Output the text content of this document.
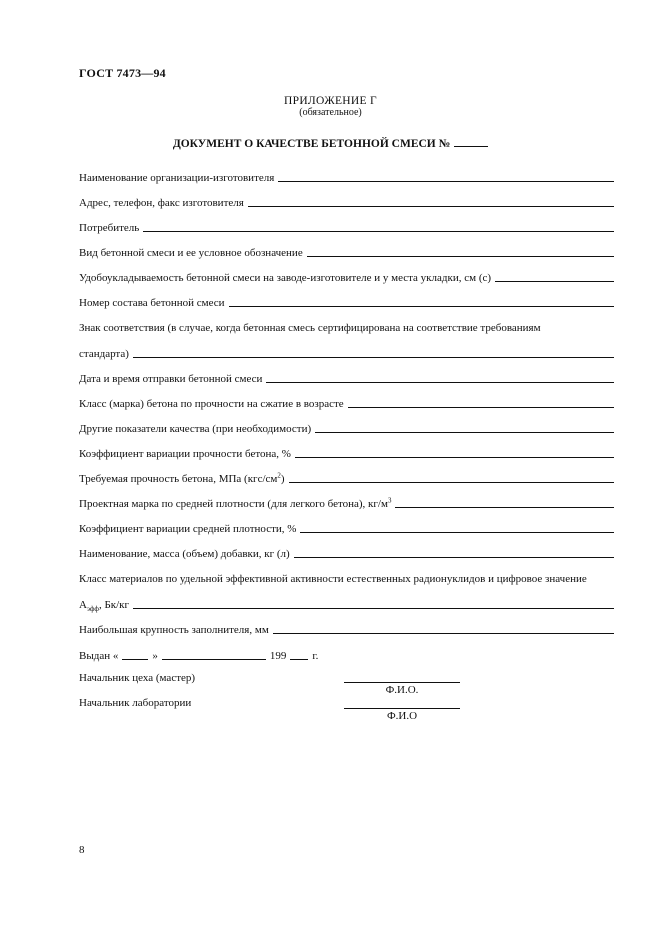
ГОСТ 7473—94
ПРИЛОЖЕНИЕ Г
(обязательное)
ДОКУМЕНТ О КАЧЕСТВЕ БЕТОННОЙ СМЕСИ №
Наименование организации-изготовителя
Адрес, телефон, факс изготовителя
Потребитель
Вид бетонной смеси и ее условное обозначение
Удобоукладываемость бетонной смеси на заводе-изготовителе и у места укладки, см (с)
Номер состава бетонной смеси
Знак соответствия (в случае, когда бетонная смесь сертифицирована на соответствие требованиям
стандарта)
Дата и время отправки бетонной смеси
Класс (марка) бетона по прочности на сжатие в возрасте
Другие показатели качества (при необходимости)
Коэффициент вариации прочности бетона, %
Требуемая прочность бетона, МПа $(кгс/см^2)$
Проектная марка по средней плотности (для легкого бетона), $кг/м^3$
Коэффициент вариации средней плотности, %
Наименование, масса (объем) добавки, кг (л)
Класс материалов по удельной эффективной активности естественных радионуклидов и цифровое значение
$А_{эфф}$, Бк/кг
Наибольшая крупность заполнителя, мм
Выдан «	»	199 г.
Начальник цеха (мастер)
Ф.И.О.
Начальник лаборатории
Ф.И.О
8
